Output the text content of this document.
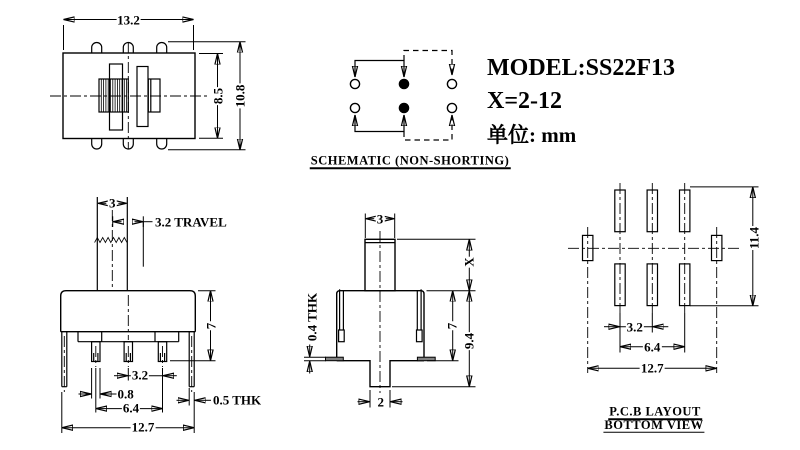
13.2
8.5 10.8
SCHEMATIC (NON-SHORTING)
MODEL:SS22F13
X=2-12
单位: mm
3
3.2 TRAVEL
7
3.2
0.8
6.4
12.7
0.5 THK
3
X
9.4
7
2
0.4 THK
11.4
3.2
6.4
12.7
P.C.B LAYOUT
BOTTOM VIEW
